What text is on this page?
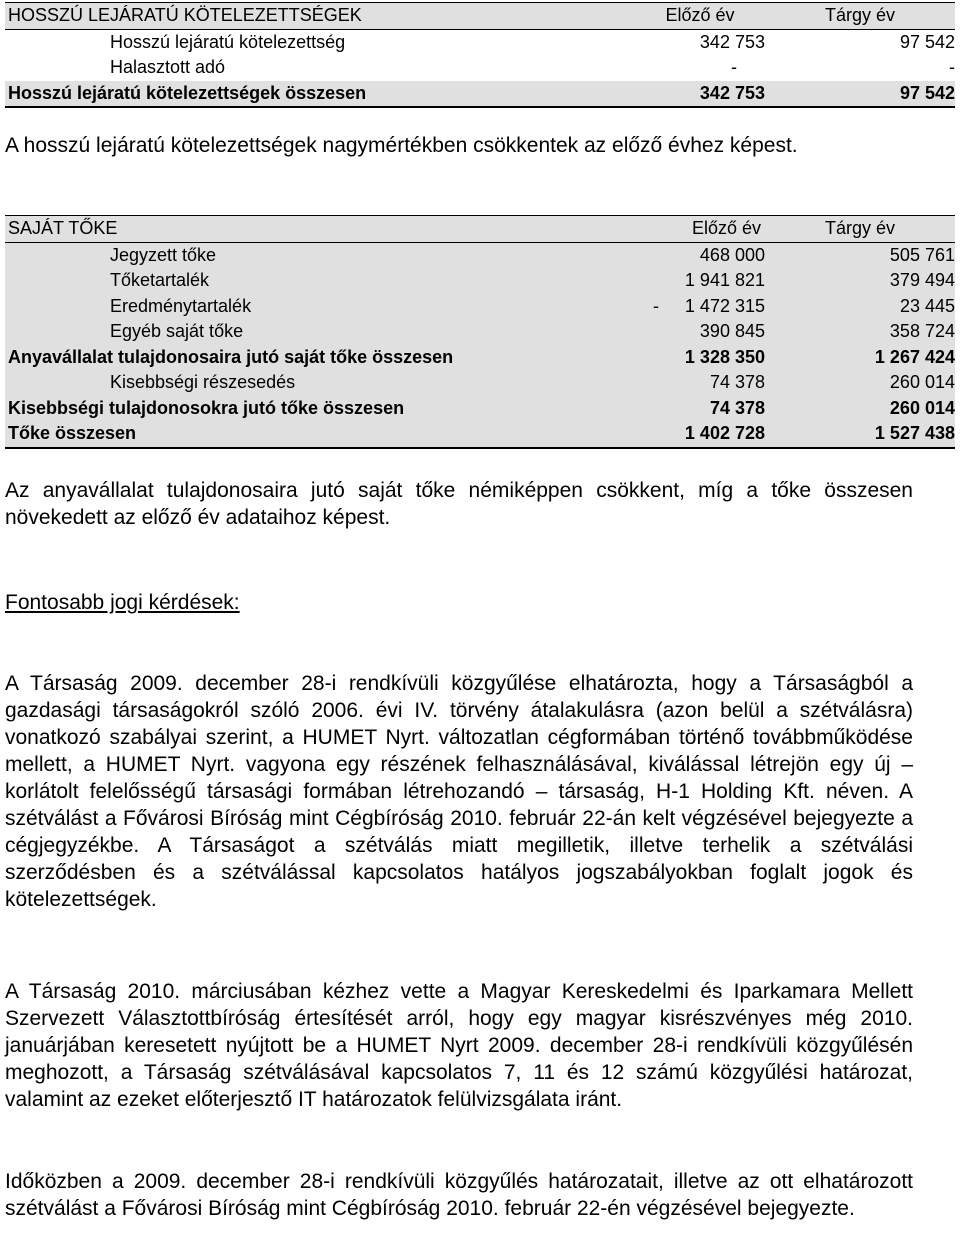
HOSSZÚ LEJÁRATÚ KÖTELEZETTSÉGEK		Előző év	Tárgy év
Hosszú lejáratú kötelezettség		342 753	97 542
Halasztott adó		-	-
Hosszú lejáratú kötelezettségek összesen		342 753	97 542

A hosszú lejáratú kötelezettségek nagymértékben csökkentek az előző évhez képest.

SAJÁT TŐKE		Előző év	Tárgy év
Jegyzett tőke		468 000	505 761
Tőketartalék		1 941 821	379 494
Eredménytartalék	-	1 472 315	23 445
Egyéb saját tőke		390 845	358 724
Anyavállalat tulajdonosaira jutó saját tőke összesen		1 328 350	1 267 424
Kisebbségi részesedés		74 378	260 014
Kisebbségi tulajdonosokra jutó tőke összesen		74 378	260 014
Tőke összesen		1 402 728	1 527 438

Az anyavállalat tulajdonosaira jutó saját tőke némiképpen csökkent, míg a tőke összesen növekedett az előző év adataihoz képest.

Fontosabb jogi kérdések:

A Társaság 2009. december 28-i rendkívüli közgyűlése elhatározta, hogy a Társaságból a gazdasági társaságokról szóló 2006. évi IV. törvény átalakulásra (azon belül a szétválásra) vonatkozó szabályai szerint, a HUMET Nyrt. változatlan cégformában történő továbbműködése mellett, a HUMET Nyrt. vagyona egy részének felhasználásával, kiválással létrejön egy új – korlátolt felelősségű társasági formában létrehozandó – társaság, H-1 Holding Kft. néven. A szétválást a Fővárosi Bíróság mint Cégbíróság 2010. február 22-án kelt végzésével bejegyezte a cégjegyzékbe. A Társaságot a szétválás miatt megilletik, illetve terhelik a szétválási szerződésben és a szétválással kapcsolatos hatályos jogszabályokban foglalt jogok és kötelezettségek.

A Társaság 2010. márciusában kézhez vette a Magyar Kereskedelmi és Iparkamara Mellett Szervezett Választottbíróság értesítését arról, hogy egy magyar kisrészvényes még 2010. januárjában keresetett nyújtott be a HUMET Nyrt 2009. december 28-i rendkívüli közgyűlésén meghozott, a Társaság szétválásával kapcsolatos 7, 11 és 12 számú közgyűlési határozat, valamint az ezeket előterjesztő IT határozatok felülvizsgálata iránt.

Időközben a 2009. december 28-i rendkívüli közgyűlés határozatait, illetve az ott elhatározott szétválást a Fővárosi Bíróság mint Cégbíróság 2010. február 22-én végzésével bejegyezte.
